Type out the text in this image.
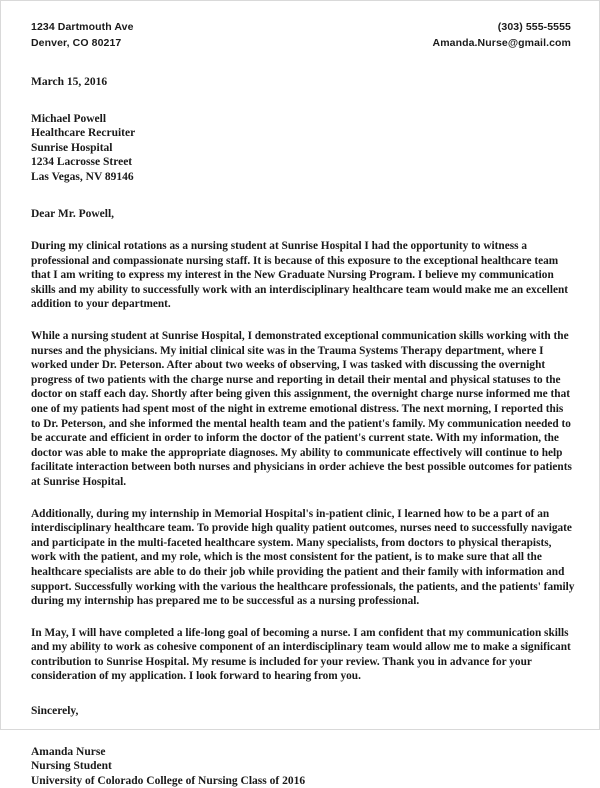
1234 Dartmouth Ave
Denver, CO 80217
(303) 555-5555
Amanda.Nurse@gmail.com
March 15, 2016
Michael Powell
Healthcare Recruiter
Sunrise Hospital
1234 Lacrosse Street
Las Vegas, NV 89146
Dear Mr. Powell,

During my clinical rotations as a nursing student at Sunrise Hospital I had the opportunity to witness a professional and compassionate nursing staff. It is because of this exposure to the exceptional healthcare team that I am writing to express my interest in the New Graduate Nursing Program. I believe my communication skills and my ability to successfully work with an interdisciplinary healthcare team would make me an excellent addition to your department.

While a nursing student at Sunrise Hospital, I demonstrated exceptional communication skills working with the nurses and the physicians. My initial clinical site was in the Trauma Systems Therapy department, where I worked under Dr. Peterson. After about two weeks of observing, I was tasked with discussing the overnight progress of two patients with the charge nurse and reporting in detail their mental and physical statuses to the doctor on staff each day. Shortly after being given this assignment, the overnight charge nurse informed me that one of my patients had spent most of the night in extreme emotional distress. The next morning, I reported this to Dr. Peterson, and she informed the mental health team and the patient's family. My communication needed to be accurate and efficient in order to inform the doctor of the patient's current state. With my information, the doctor was able to make the appropriate diagnoses. My ability to communicate effectively will continue to help facilitate interaction between both nurses and physicians in order achieve the best possible outcomes for patients at Sunrise Hospital.

Additionally, during my internship in Memorial Hospital's in-patient clinic, I learned how to be a part of an interdisciplinary healthcare team. To provide high quality patient outcomes, nurses need to successfully navigate and participate in the multi-faceted healthcare system. Many specialists, from doctors to physical therapists, work with the patient, and my role, which is the most consistent for the patient, is to make sure that all the healthcare specialists are able to do their job while providing the patient and their family with information and support. Successfully working with the various the healthcare professionals, the patients, and the patients' family during my internship has prepared me to be successful as a nursing professional.

In May, I will have completed a life-long goal of becoming a nurse. I am confident that my communication skills and my ability to work as cohesive component of an interdisciplinary team would allow me to make a significant contribution to Sunrise Hospital. My resume is included for your review. Thank you in advance for your consideration of my application. I look forward to hearing from you.

Sincerely,
Amanda Nurse
Nursing Student
University of Colorado College of Nursing Class of 2016
